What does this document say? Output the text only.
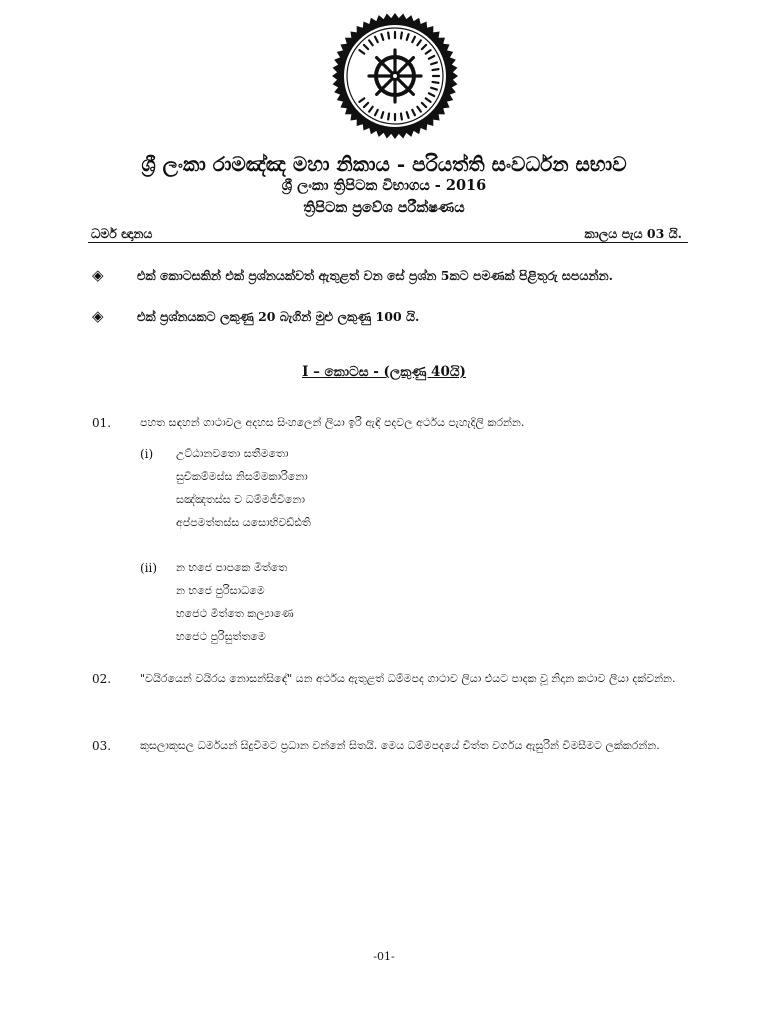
ශ්‍රී ලංකා රාමඤ්ඤ මහා නිකාය - පරියත්ති සංවර්ධන සභාව
ශ්‍රී ලංකා ත්‍රිපිටක විභාගය - 2016
ත්‍රිපිටක ප්‍රවේශ පරීක්ෂණය
ධර්ම ඥානය	කාලය පැය 03 යි.
◈	එක් කොටසකින් එක් ප්‍රශ්නයක්වත් ඇතුළත් වන සේ ප්‍රශ්න 5කට පමණක් පිළිතුරු සපයන්න.
◈	එක් ප්‍රශ්නයකට ලකුණු 20 බැගින් මුළු ලකුණු 100 යි.
I – කොටස - (ලකුණු 40යි)
01.	පහත සඳහන් ගාථාවල අදහස සිංහලෙන් ලියා ඉරි ඇඳි පදවල අර්ථය පැහැදිලි කරන්න.
(i) උට්ඨානවතො සතීමතො
සුචිකම්මස්ස නිසම්මකාරිනො
සඤ්ඤතස්ස ච ධම්මජීවිනො
අප්පමත්තස්ස යසොභිවඩ්ඪති
(ii) න භජෙ පාපකෙ මිත්තෙ
න භජෙ පුරිසාධමෙ
භජෙථ මිත්තෙ කල්‍යාණෙ
භජෙථ පුරිසුත්තමෙ
02.	"වයිරයෙන් වයිරය නොසන්සිඳේ" යන අර්ථය ඇතුළත් ධම්මපද ගාථාව ලියා එයට පාදක වූ නිදාන කථාව ලියා දක්වන්න.
03.	කුසලාකුසල ධර්මයන් සිදුවීමට ප්‍රධාන වන්නේ සිතයි. මෙය ධම්මපදයේ චිත්ත වර්ගය ඇසුරින් විමසීමට ලක්කරන්න.
-01-
